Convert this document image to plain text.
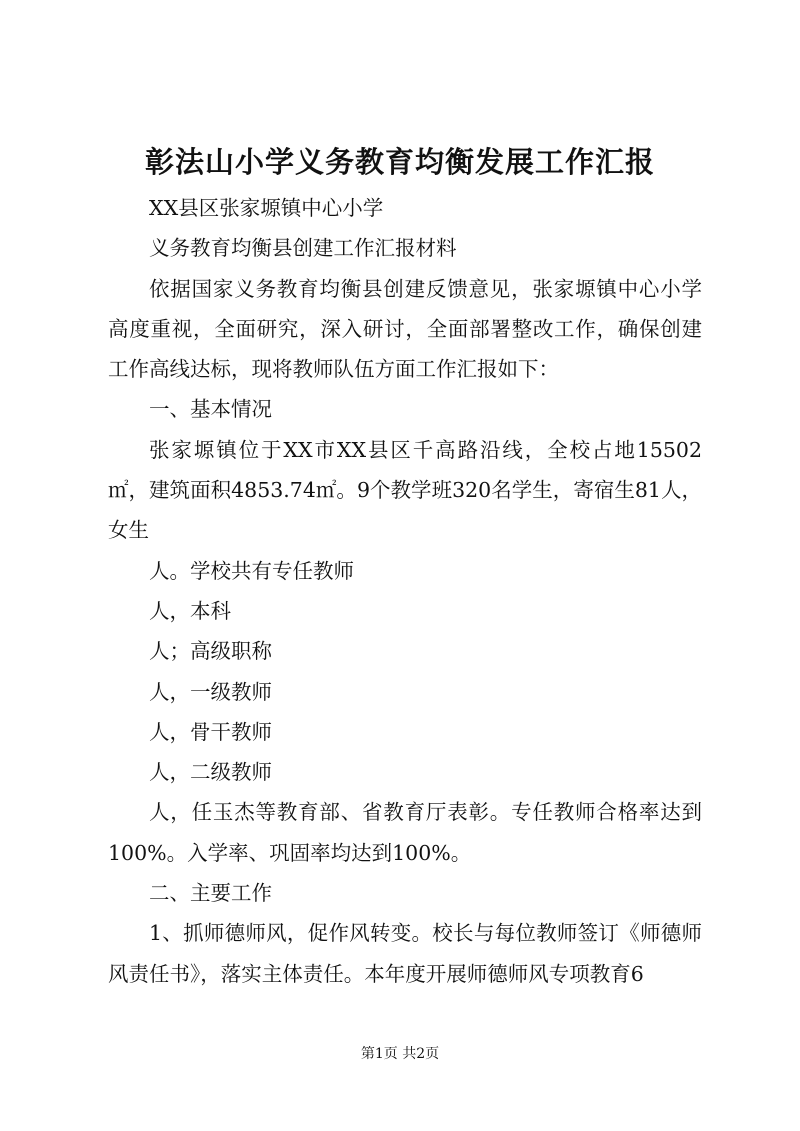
彰法山小学义务教育均衡发展工作汇报

XX县区张家塬镇中心小学

义务教育均衡县创建工作汇报材料

依据国家义务教育均衡县创建反馈意见，张家塬镇中心小学高度重视，全面研究，深入研讨，全面部署整改工作，确保创建工作高线达标，现将教师队伍方面工作汇报如下：

一、基本情况

张家塬镇位于XX市XX县区千高路沿线，全校占地15502㎡，建筑面积4853.74㎡。9个教学班320名学生，寄宿生81人，女生

人。学校共有专任教师

人，本科

人；高级职称

人，一级教师

人，骨干教师

人，二级教师

人，任玉杰等教育部、省教育厅表彰。专任教师合格率达到100%。入学率、巩固率均达到100%。

二、主要工作

1、抓师德师风，促作风转变。校长与每位教师签订《师德师风责任书》，落实主体责任。本年度开展师德师风专项教育6

第1页 共2页
